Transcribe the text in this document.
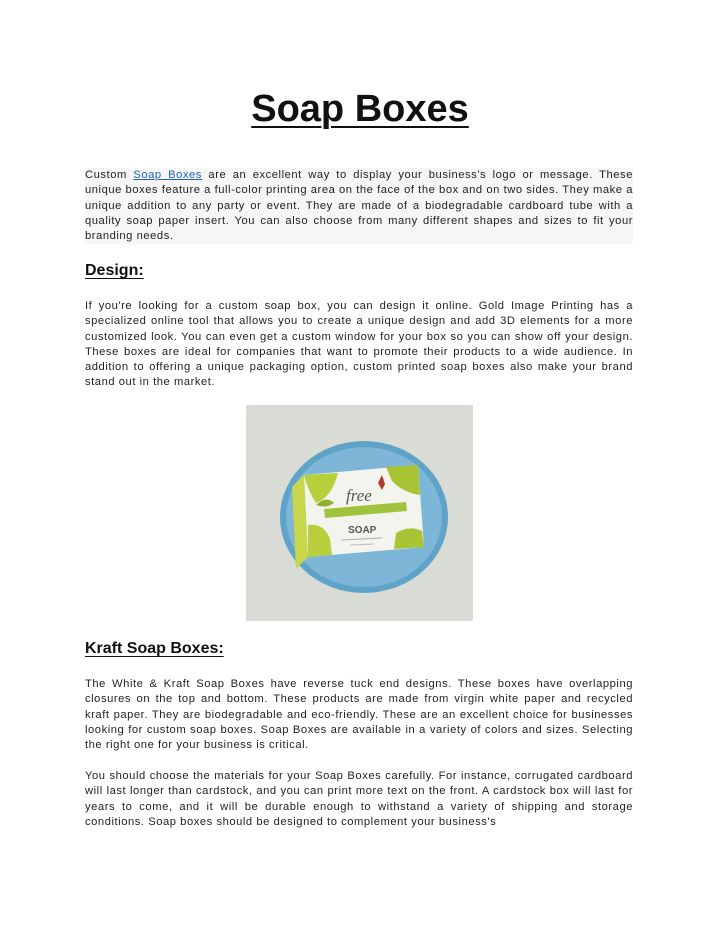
Soap Boxes

Custom Soap Boxes are an excellent way to display your business's logo or message. These unique boxes feature a full-color printing area on the face of the box and on two sides. They make a unique addition to any party or event. They are made of a biodegradable cardboard tube with a quality soap paper insert. You can also choose from many different shapes and sizes to fit your branding needs.

Design:

If you're looking for a custom soap box, you can design it online. Gold Image Printing has a specialized online tool that allows you to create a unique design and add 3D elements for a more customized look. You can even get a custom window for your box so you can show off your design. These boxes are ideal for companies that want to promote their products to a wide audience. In addition to offering a unique packaging option, custom printed soap boxes also make your brand stand out in the market.

free
SOAP
Kraft Soap Boxes:

The White & Kraft Soap Boxes have reverse tuck end designs. These boxes have overlapping closures on the top and bottom. These products are made from virgin white paper and recycled kraft paper. They are biodegradable and eco-friendly. These are an excellent choice for businesses looking for custom soap boxes. Soap Boxes are available in a variety of colors and sizes. Selecting the right one for your business is critical.

You should choose the materials for your Soap Boxes carefully. For instance, corrugated cardboard will last longer than cardstock, and you can print more text on the front. A cardstock box will last for years to come, and it will be durable enough to withstand a variety of shipping and storage conditions. Soap boxes should be designed to complement your business's
